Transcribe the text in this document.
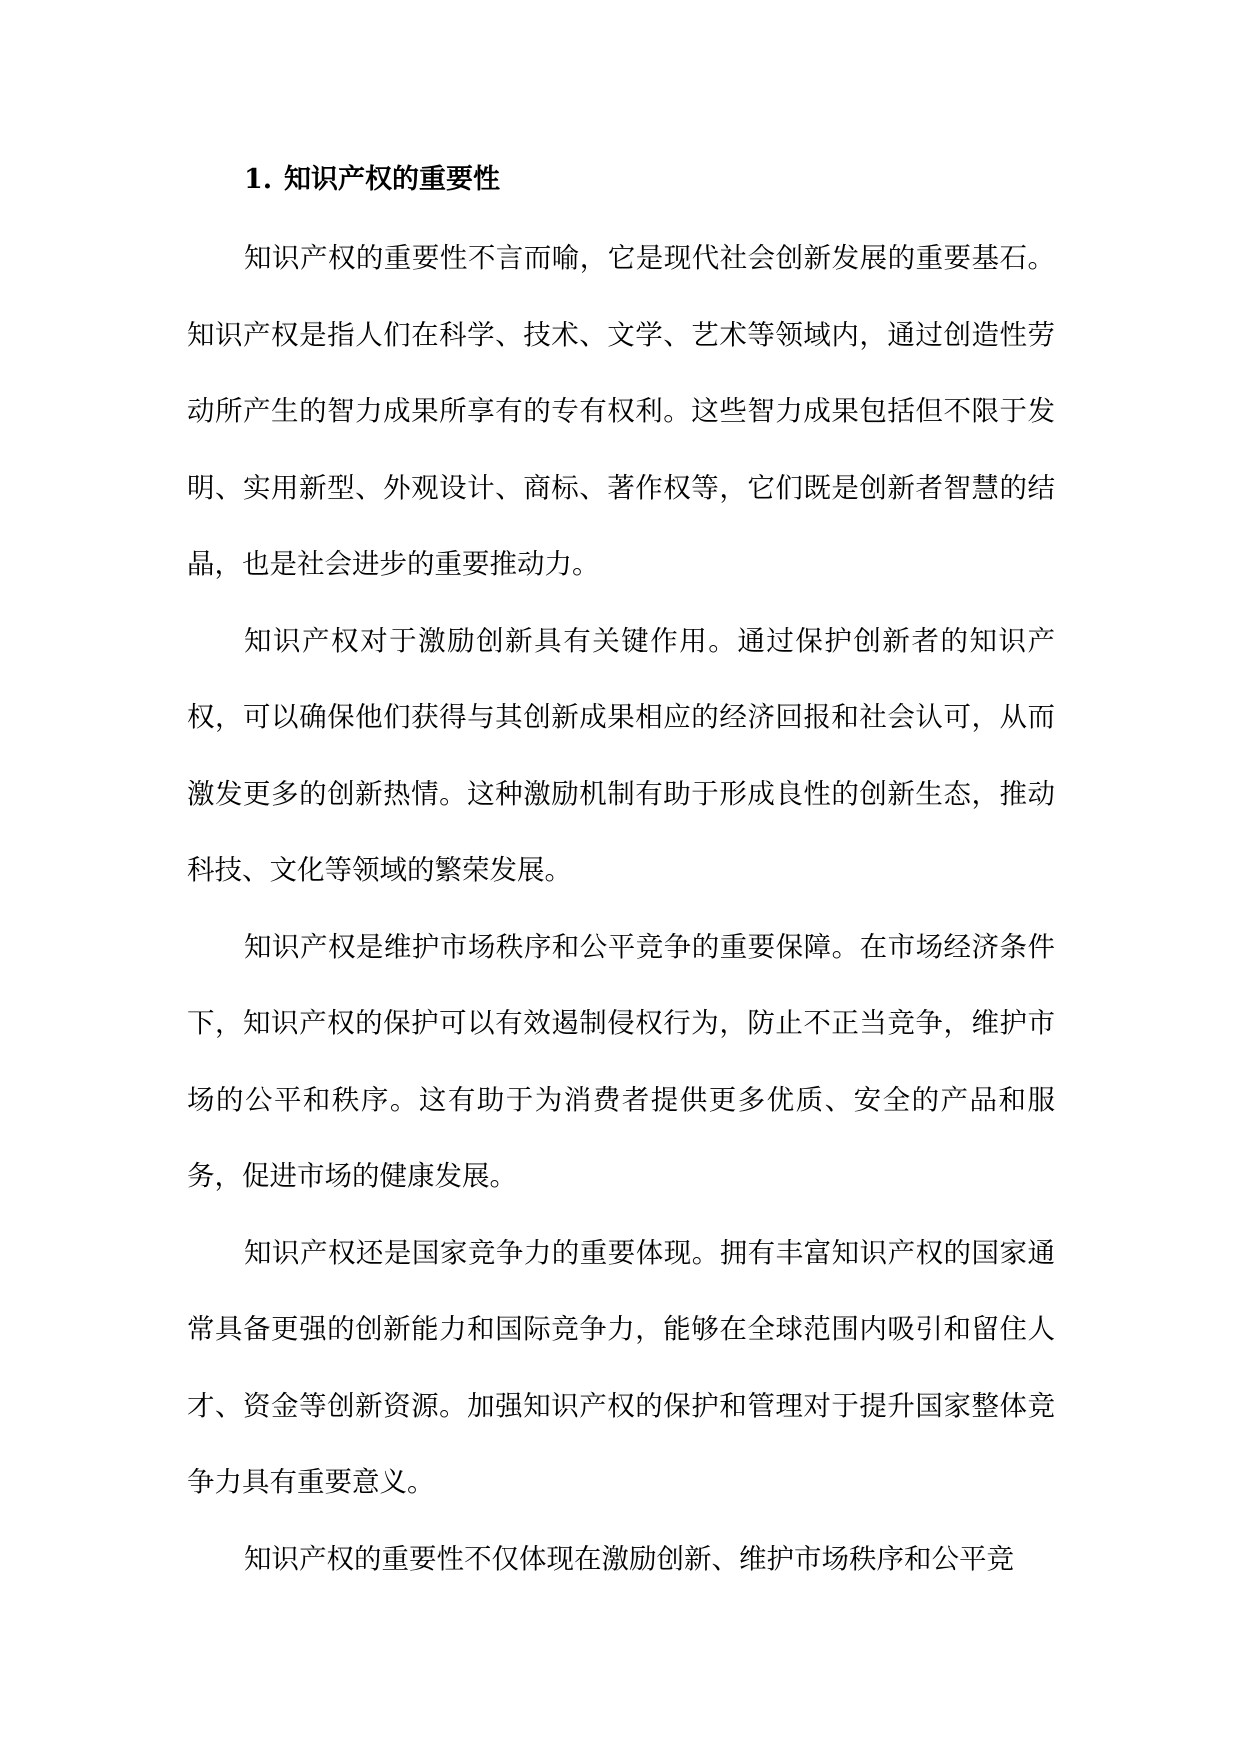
1. 知识产权的重要性

知识产权的重要性不言而喻，它是现代社会创新发展的重要基石。知识产权是指人们在科学、技术、文学、艺术等领域内，通过创造性劳动所产生的智力成果所享有的专有权利。这些智力成果包括但不限于发明、实用新型、外观设计、商标、著作权等，它们既是创新者智慧的结晶，也是社会进步的重要推动力。

知识产权对于激励创新具有关键作用。通过保护创新者的知识产权，可以确保他们获得与其创新成果相应的经济回报和社会认可，从而激发更多的创新热情。这种激励机制有助于形成良性的创新生态，推动科技、文化等领域的繁荣发展。

知识产权是维护市场秩序和公平竞争的重要保障。在市场经济条件下，知识产权的保护可以有效遏制侵权行为，防止不正当竞争，维护市场的公平和秩序。这有助于为消费者提供更多优质、安全的产品和服务，促进市场的健康发展。

知识产权还是国家竞争力的重要体现。拥有丰富知识产权的国家通常具备更强的创新能力和国际竞争力，能够在全球范围内吸引和留住人才、资金等创新资源。加强知识产权的保护和管理对于提升国家整体竞争力具有重要意义。

知识产权的重要性不仅体现在激励创新、维护市场秩序和公平竞
